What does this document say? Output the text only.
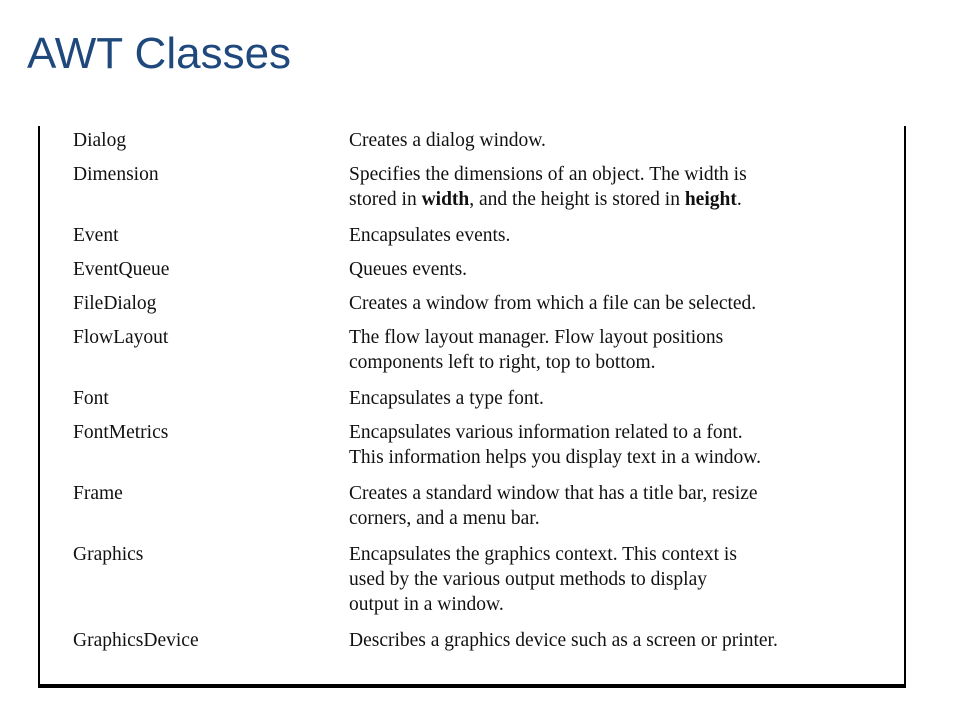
AWT Classes
Dialog	Creates a dialog window.
Dimension	Specifies the dimensions of an object. The width is
stored in width, and the height is stored in height.
Event	Encapsulates events.
EventQueue	Queues events.
FileDialog	Creates a window from which a file can be selected.
FlowLayout	The flow layout manager. Flow layout positions
components left to right, top to bottom.
Font	Encapsulates a type font.
FontMetrics	Encapsulates various information related to a font.
This information helps you display text in a window.
Frame	Creates a standard window that has a title bar, resize
corners, and a menu bar.
Graphics	Encapsulates the graphics context. This context is
used by the various output methods to display
output in a window.
GraphicsDevice	Describes a graphics device such as a screen or printer.
